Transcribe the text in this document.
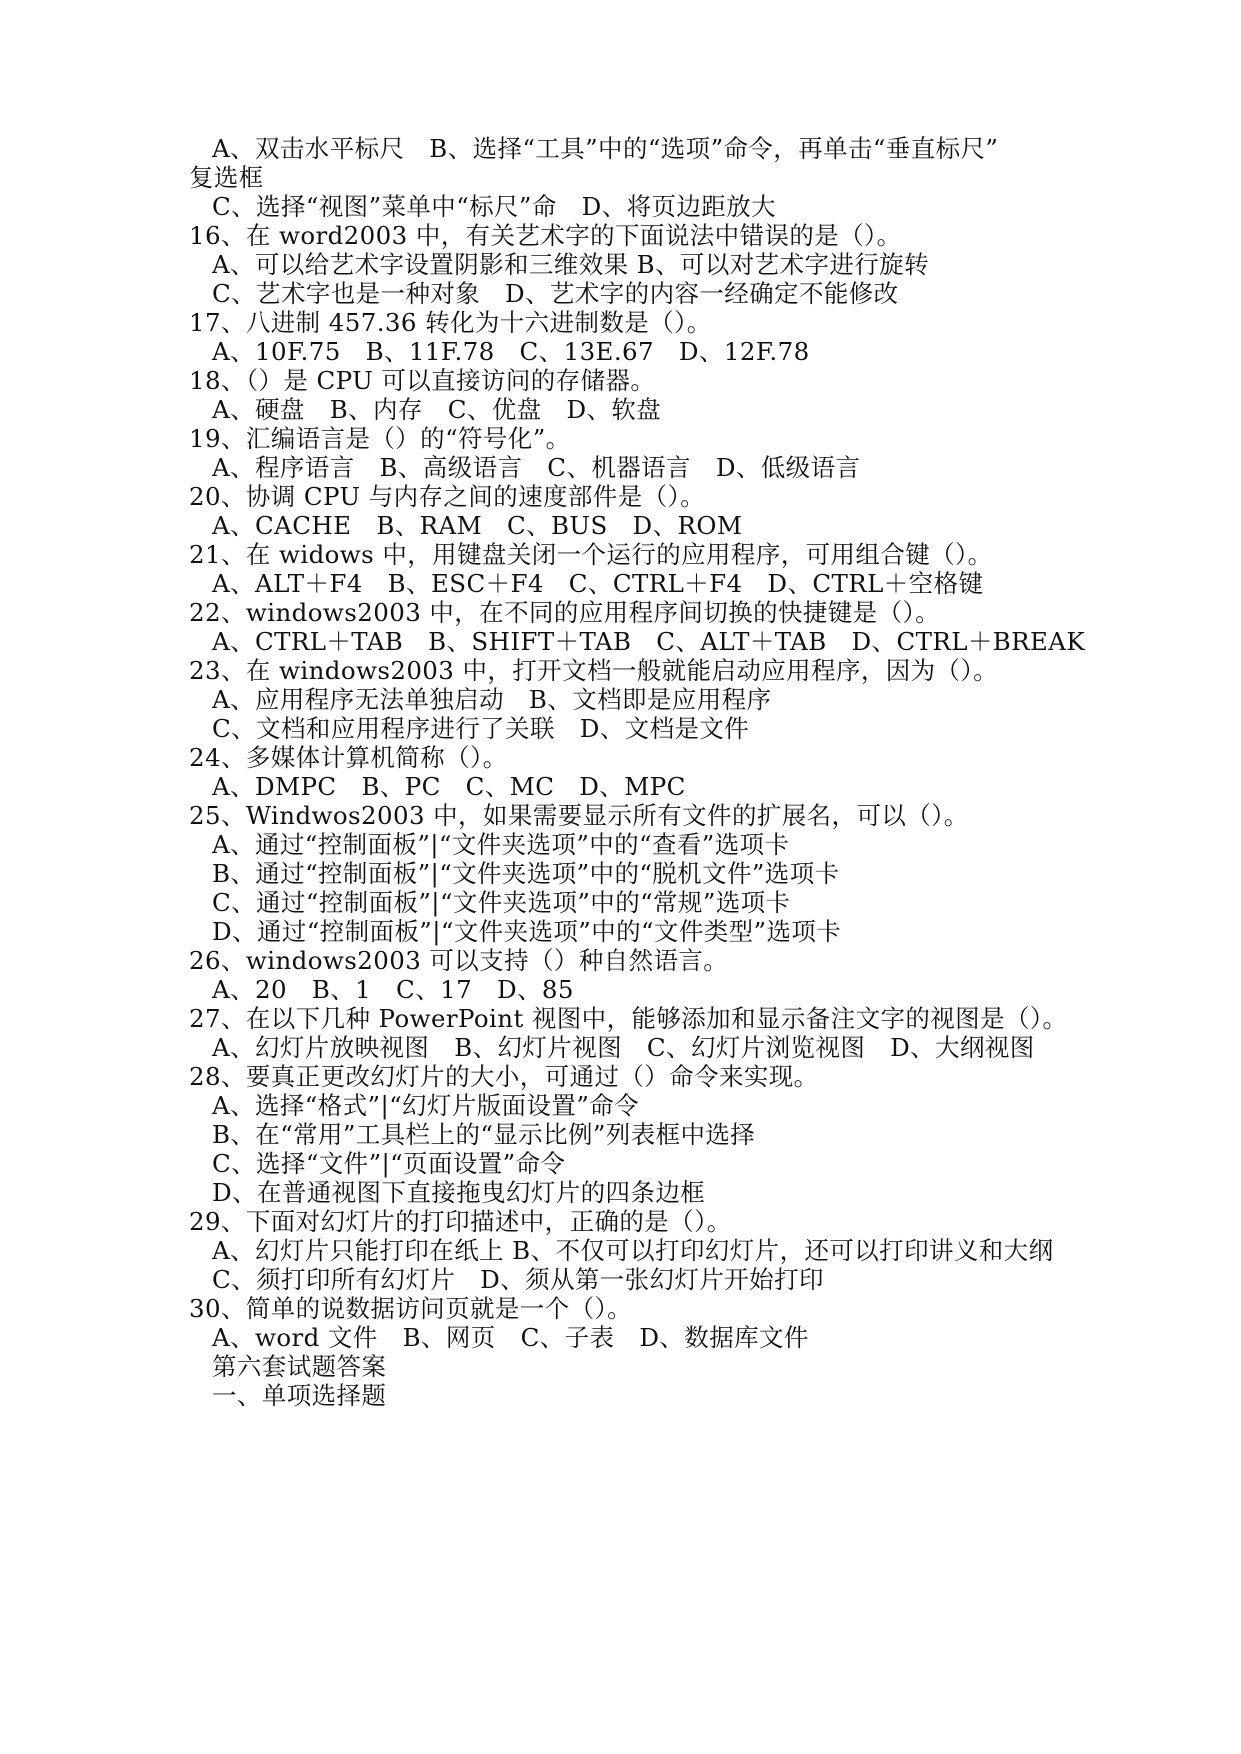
A、双击水平标尺　B、选择“工具”中的“选项”命令，再单击“垂直标尺”
复选框
C、选择“视图”菜单中“标尺”命　D、将页边距放大
16、在 word2003 中，有关艺术字的下面说法中错误的是（）。
A、可以给艺术字设置阴影和三维效果 B、可以对艺术字进行旋转
C、艺术字也是一种对象　D、艺术字的内容一经确定不能修改
17、八进制 457.36 转化为十六进制数是（）。
A、10F.75　B、11F.78　C、13E.67　D、12F.78
18、（）是 CPU 可以直接访问的存储器。
A、硬盘　B、内存　C、优盘　D、软盘
19、汇编语言是（）的“符号化”。
A、程序语言　B、高级语言　C、机器语言　D、低级语言
20、协调 CPU 与内存之间的速度部件是（）。
A、CACHE　B、RAM　C、BUS　D、ROM
21、在 widows 中，用键盘关闭一个运行的应用程序，可用组合键（）。
A、ALT＋F4　B、ESC＋F4　C、CTRL＋F4　D、CTRL＋空格键
22、windows2003 中，在不同的应用程序间切换的快捷键是（）。
A、CTRL＋TAB　B、SHIFT＋TAB　C、ALT＋TAB　D、CTRL＋BREAK
23、在 windows2003 中，打开文档一般就能启动应用程序，因为（）。
A、应用程序无法单独启动　B、文档即是应用程序
C、文档和应用程序进行了关联　D、文档是文件
24、多媒体计算机简称（）。
A、DMPC　B、PC　C、MC　D、MPC
25、Windwos2003 中，如果需要显示所有文件的扩展名，可以（）。
A、通过“控制面板”|“文件夹选项”中的“查看”选项卡
B、通过“控制面板”|“文件夹选项”中的“脱机文件”选项卡
C、通过“控制面板”|“文件夹选项”中的“常规”选项卡
D、通过“控制面板”|“文件夹选项”中的“文件类型”选项卡
26、windows2003 可以支持（）种自然语言。
A、20　B、1　C、17　D、85
27、在以下几种 PowerPoint 视图中，能够添加和显示备注文字的视图是（）。
A、幻灯片放映视图　B、幻灯片视图　C、幻灯片浏览视图　D、大纲视图
28、要真正更改幻灯片的大小，可通过（）命令来实现。
A、选择“格式”|“幻灯片版面设置”命令
B、在“常用”工具栏上的“显示比例”列表框中选择
C、选择“文件”|“页面设置”命令
D、在普通视图下直接拖曳幻灯片的四条边框
29、下面对幻灯片的打印描述中，正确的是（）。
A、幻灯片只能打印在纸上 B、不仅可以打印幻灯片，还可以打印讲义和大纲
C、须打印所有幻灯片　D、须从第一张幻灯片开始打印
30、简单的说数据访问页就是一个（）。
A、word 文件　B、网页　C、子表　D、数据库文件
第六套试题答案
一、单项选择题
